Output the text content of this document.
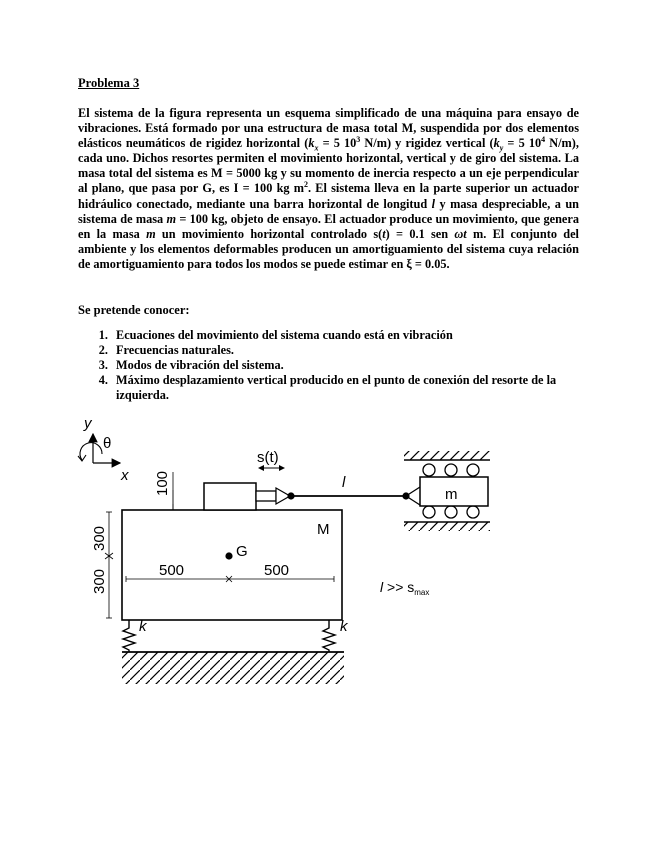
Problema 3
El sistema de la figura representa un esquema simplificado de una máquina para ensayo de vibraciones. Está formado por una estructura de masa total M, suspendida por dos elementos elásticos neumáticos de rigidez horizontal ($k_x = 5$ $10^3$ N/m) y rigidez vertical ($k_y = 5$ $10^4$ N/m), cada uno. Dichos resortes permiten el movimiento horizontal, vertical y de giro del sistema. La masa total del sistema es M = 5000 kg y su momento de inercia respecto a un eje perpendicular al plano, que pasa por G, es I = 100 kg $m^2$. El sistema lleva en la parte superior un actuador hidráulico conectado, mediante una barra horizontal de longitud l y masa despreciable, a un sistema de masa m = 100 kg, objeto de ensayo. El actuador produce un movimiento, que genera en la masa m un movimiento horizontal controlado s(t) = 0.1 sen ωt m. El conjunto del ambiente y los elementos deformables producen un amortiguamiento del sistema cuya relación de amortiguamiento para todos los modos se puede estimar en ξ = 0.05.
Se pretende conocer:
1. Ecuaciones del movimiento del sistema cuando está en vibración
2. Frecuencias naturales.
3. Modos de vibración del sistema.
4. Máximo desplazamiento vertical producido en el punto de conexión del resorte de la izquierda.
y
θ
x
M
G
100
s(t)
l
m
300
300	500	500
$l >> s_{max}$
k	k
